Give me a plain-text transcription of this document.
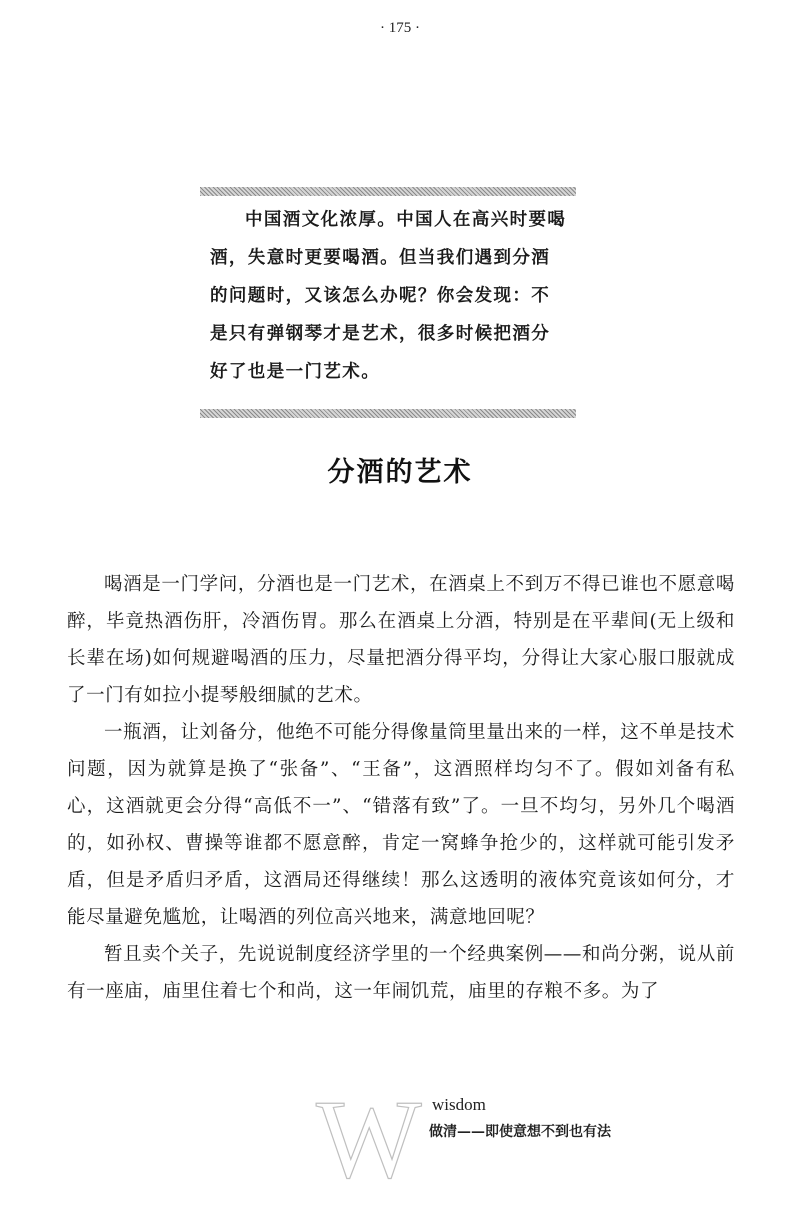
· 175 ·

中国酒文化浓厚。中国人在高兴时要喝酒，失意时更要喝酒。但当我们遇到分酒的问题时，又该怎么办呢？你会发现：不是只有弹钢琴才是艺术，很多时候把酒分好了也是一门艺术。

分酒的艺术

喝酒是一门学问，分酒也是一门艺术，在酒桌上不到万不得已谁也不愿意喝醉，毕竟热酒伤肝，冷酒伤胃。那么在酒桌上分酒，特别是在平辈间(无上级和长辈在场)如何规避喝酒的压力，尽量把酒分得平均，分得让大家心服口服就成了一门有如拉小提琴般细腻的艺术。

一瓶酒，让刘备分，他绝不可能分得像量筒里量出来的一样，这不单是技术问题，因为就算是换了“张备”、“王备”，这酒照样均匀不了。假如刘备有私心，这酒就更会分得“高低不一”、“错落有致”了。一旦不均匀，另外几个喝酒的，如孙权、曹操等谁都不愿意醉，肯定一窝蜂争抢少的，这样就可能引发矛盾，但是矛盾归矛盾，这酒局还得继续！那么这透明的液体究竟该如何分，才能尽量避免尴尬，让喝酒的列位高兴地来，满意地回呢？

暂且卖个关子，先说说制度经济学里的一个经典案例——和尚分粥，说从前有一座庙，庙里住着七个和尚，这一年闹饥荒，庙里的存粮不多。为了

W wisdom
做清——即使意想不到也有法
